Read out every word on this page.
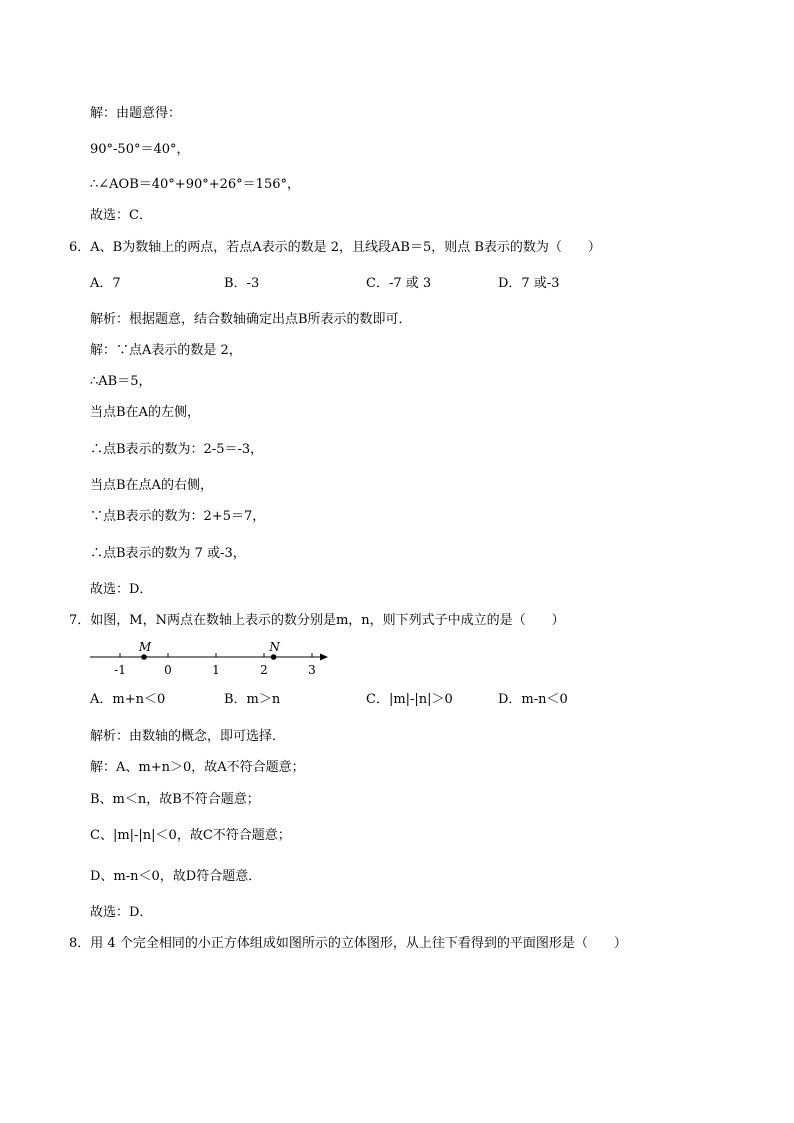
解：由题意得：
90°-50°＝40°，
∴∠AOB＝40°+90°+26°＝156°，
故选：C．
6．A、B为数轴上的两点，若点A表示的数是 2，且线段AB＝5，则点 B表示的数为（　　）
A．7	B．-3	C．-7 或 3	D．7 或-3
解析：根据题意，结合数轴确定出点B所表示的数即可．
解：∵点A表示的数是 2，
∴AB＝5，
当点B在A的左侧，
∴点B表示的数为：2-5＝-3，
当点B在点A的右侧，
∵点B表示的数为：2+5＝7，
∴点B表示的数为 7 或-3，
故选：D．
7．如图，M，N两点在数轴上表示的数分别是m，n，则下列式子中成立的是（　　）
-1	0	1	2	3
M	N
A．m+n＜0	B．m＞n	C．|m|-|n|＞0	D．m-n＜0
解析：由数轴的概念，即可选择．
解：A、m+n＞0，故A不符合题意；
B、m＜n，故B不符合题意；
C、|m|-|n|＜0，故C不符合题意；
D、m-n＜0，故D符合题意．
故选：D．
8．用 4 个完全相同的小正方体组成如图所示的立体图形，从上往下看得到的平面图形是（　　）
